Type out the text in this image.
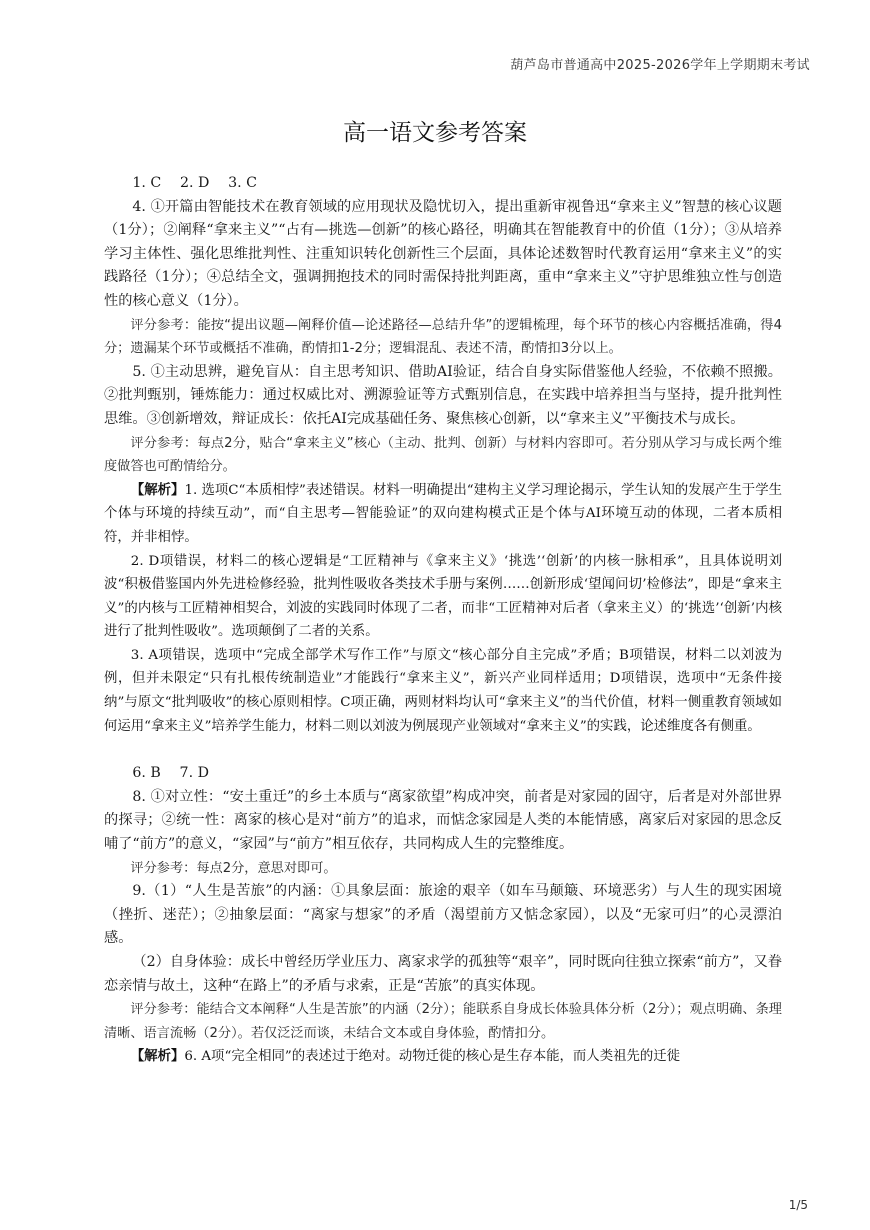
葫芦岛市普通高中2025-2026学年上学期期末考试
高一语文参考答案

1. C　 2. D　 3. C

4. ①开篇由智能技术在教育领域的应用现状及隐忧切入，提出重新审视鲁迅“拿来主义”智慧的核心议题（1分）；②阐释“拿来主义”“占有—挑选—创新”的核心路径，明确其在智能教育中的价值（1分）；③从培养学习主体性、强化思维批判性、注重知识转化创新性三个层面，具体论述数智时代教育运用“拿来主义”的实践路径（1分）；④总结全文，强调拥抱技术的同时需保持批判距离，重申“拿来主义”守护思维独立性与创造性的核心意义（1分）。

评分参考：能按“提出议题—阐释价值—论述路径—总结升华”的逻辑梳理，每个环节的核心内容概括准确，得4分；遗漏某个环节或概括不准确，酌情扣1-2分；逻辑混乱、表述不清，酌情扣3分以上。

5. ①主动思辨，避免盲从：自主思考知识、借助AI验证，结合自身实际借鉴他人经验，不依赖不照搬。②批判甄别，锤炼能力：通过权威比对、溯源验证等方式甄别信息，在实践中培养担当与坚持，提升批判性思维。③创新增效，辩证成长：依托AI完成基础任务、聚焦核心创新，以“拿来主义”平衡技术与成长。

评分参考：每点2分，贴合“拿来主义”核心（主动、批判、创新）与材料内容即可。若分别从学习与成长两个维度做答也可酌情给分。

【解析】1. 选项C“本质相悖”表述错误。材料一明确提出“建构主义学习理论揭示，学生认知的发展产生于学生个体与环境的持续互动”，而“自主思考—智能验证”的双向建构模式正是个体与AI环境互动的体现，二者本质相符，并非相悖。

2. D项错误，材料二的核心逻辑是“工匠精神与《拿来主义》‘挑选’‘创新’的内核一脉相承”，且具体说明刘波“积极借鉴国内外先进检修经验，批判性吸收各类技术手册与案例……创新形成‘望闻问切’检修法”，即是“拿来主义”的内核与工匠精神相契合，刘波的实践同时体现了二者，而非“工匠精神对后者（拿来主义）的‘挑选’‘创新’内核进行了批判性吸收”。选项颠倒了二者的关系。

3. A项错误，选项中“完成全部学术写作工作”与原文“核心部分自主完成”矛盾；B项错误，材料二以刘波为例，但并未限定“只有扎根传统制造业”才能践行“拿来主义”，新兴产业同样适用；D项错误，选项中“无条件接纳”与原文“批判吸收”的核心原则相悖。C项正确，两则材料均认可“拿来主义”的当代价值，材料一侧重教育领域如何运用“拿来主义”培养学生能力，材料二则以刘波为例展现产业领域对“拿来主义”的实践，论述维度各有侧重。

6. B　 7. D

8. ①对立性：“安土重迁”的乡土本质与“离家欲望”构成冲突，前者是对家园的固守，后者是对外部世界的探寻；②统一性：离家的核心是对“前方”的追求，而惦念家园是人类的本能情感，离家后对家园的思念反哺了“前方”的意义，“家园”与“前方”相互依存，共同构成人生的完整维度。

评分参考：每点2分，意思对即可。

9.（1）“人生是苦旅”的内涵：①具象层面：旅途的艰辛（如车马颠簸、环境恶劣）与人生的现实困境（挫折、迷茫）；②抽象层面：“离家与想家”的矛盾（渴望前方又惦念家园），以及“无家可归”的心灵漂泊感。

（2）自身体验：成长中曾经历学业压力、离家求学的孤独等“艰辛”，同时既向往独立探索“前方”，又眷恋亲情与故土，这种“在路上”的矛盾与求索，正是“苦旅”的真实体现。

评分参考：能结合文本阐释“人生是苦旅”的内涵（2分）；能联系自身成长体验具体分析（2分）；观点明确、条理清晰、语言流畅（2分）。若仅泛泛而谈，未结合文本或自身体验，酌情扣分。

【解析】6. A项“完全相同”的表述过于绝对。动物迁徙的核心是生存本能，而人类祖先的迁徙

1/5
